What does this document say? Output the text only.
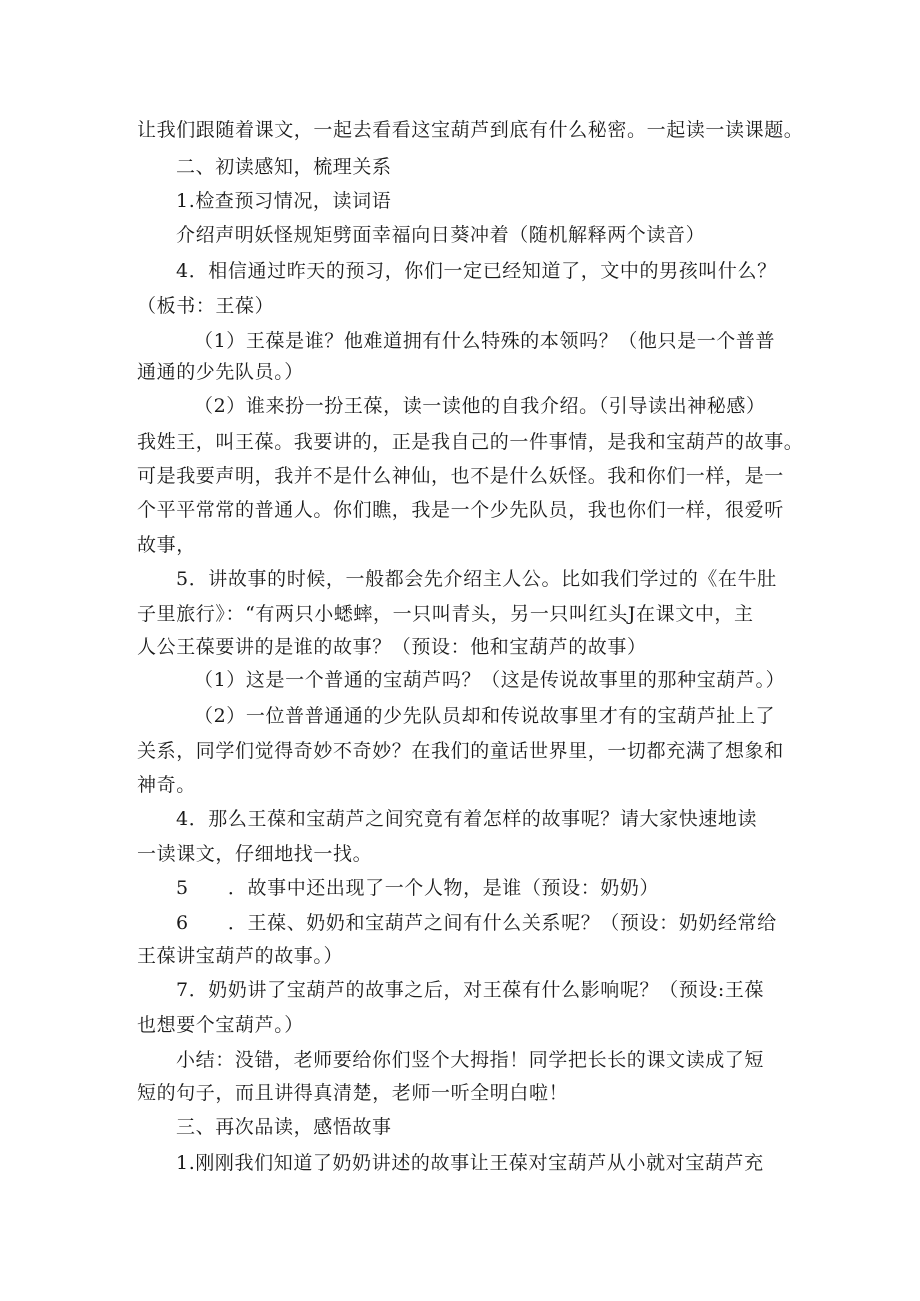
让我们跟随着课文，一起去看看这宝葫芦到底有什么秘密。一起读一读课题。
二、初读感知，梳理关系
1.检查预习情况，读词语
介绍声明妖怪规矩劈面幸福向日葵冲着（随机解释两个读音）
4．相信通过昨天的预习，你们一定已经知道了，文中的男孩叫什么？
（板书：王葆）
（1）王葆是谁？他难道拥有什么特殊的本领吗？（他只是一个普普
通通的少先队员。）
（2）谁来扮一扮王葆，读一读他的自我介绍。（引导读出神秘感）
我姓王，叫王葆。我要讲的，正是我自己的一件事情，是我和宝葫芦的故事。
可是我要声明，我并不是什么神仙，也不是什么妖怪。我和你们一样，是一
个平平常常的普通人。你们瞧，我是一个少先队员，我也你们一样，很爱听
故事，
5．讲故事的时候，一般都会先介绍主人公。比如我们学过的《在牛肚
子里旅行》：“有两只小蟋蟀，一只叫青头，另一只叫红头J在课文中，主
人公王葆要讲的是谁的故事？（预设：他和宝葫芦的故事）
（1）这是一个普通的宝葫芦吗？（这是传说故事里的那种宝葫芦。）
（2）一位普普通通的少先队员却和传说故事里才有的宝葫芦扯上了
关系，同学们觉得奇妙不奇妙？在我们的童话世界里，一切都充满了想象和
神奇。
4．那么王葆和宝葫芦之间究竟有着怎样的故事呢？请大家快速地读
一读课文，仔细地找一找。
5　　．故事中还出现了一个人物，是谁（预设：奶奶）
6　　．王葆、奶奶和宝葫芦之间有什么关系呢？（预设：奶奶经常给
王葆讲宝葫芦的故事。）
7．奶奶讲了宝葫芦的故事之后，对王葆有什么影响呢？（预设:王葆
也想要个宝葫芦。）
小结：没错，老师要给你们竖个大拇指！同学把长长的课文读成了短
短的句子，而且讲得真清楚，老师一听全明白啦！
三、再次品读，感悟故事
1.刚刚我们知道了奶奶讲述的故事让王葆对宝葫芦从小就对宝葫芦充
